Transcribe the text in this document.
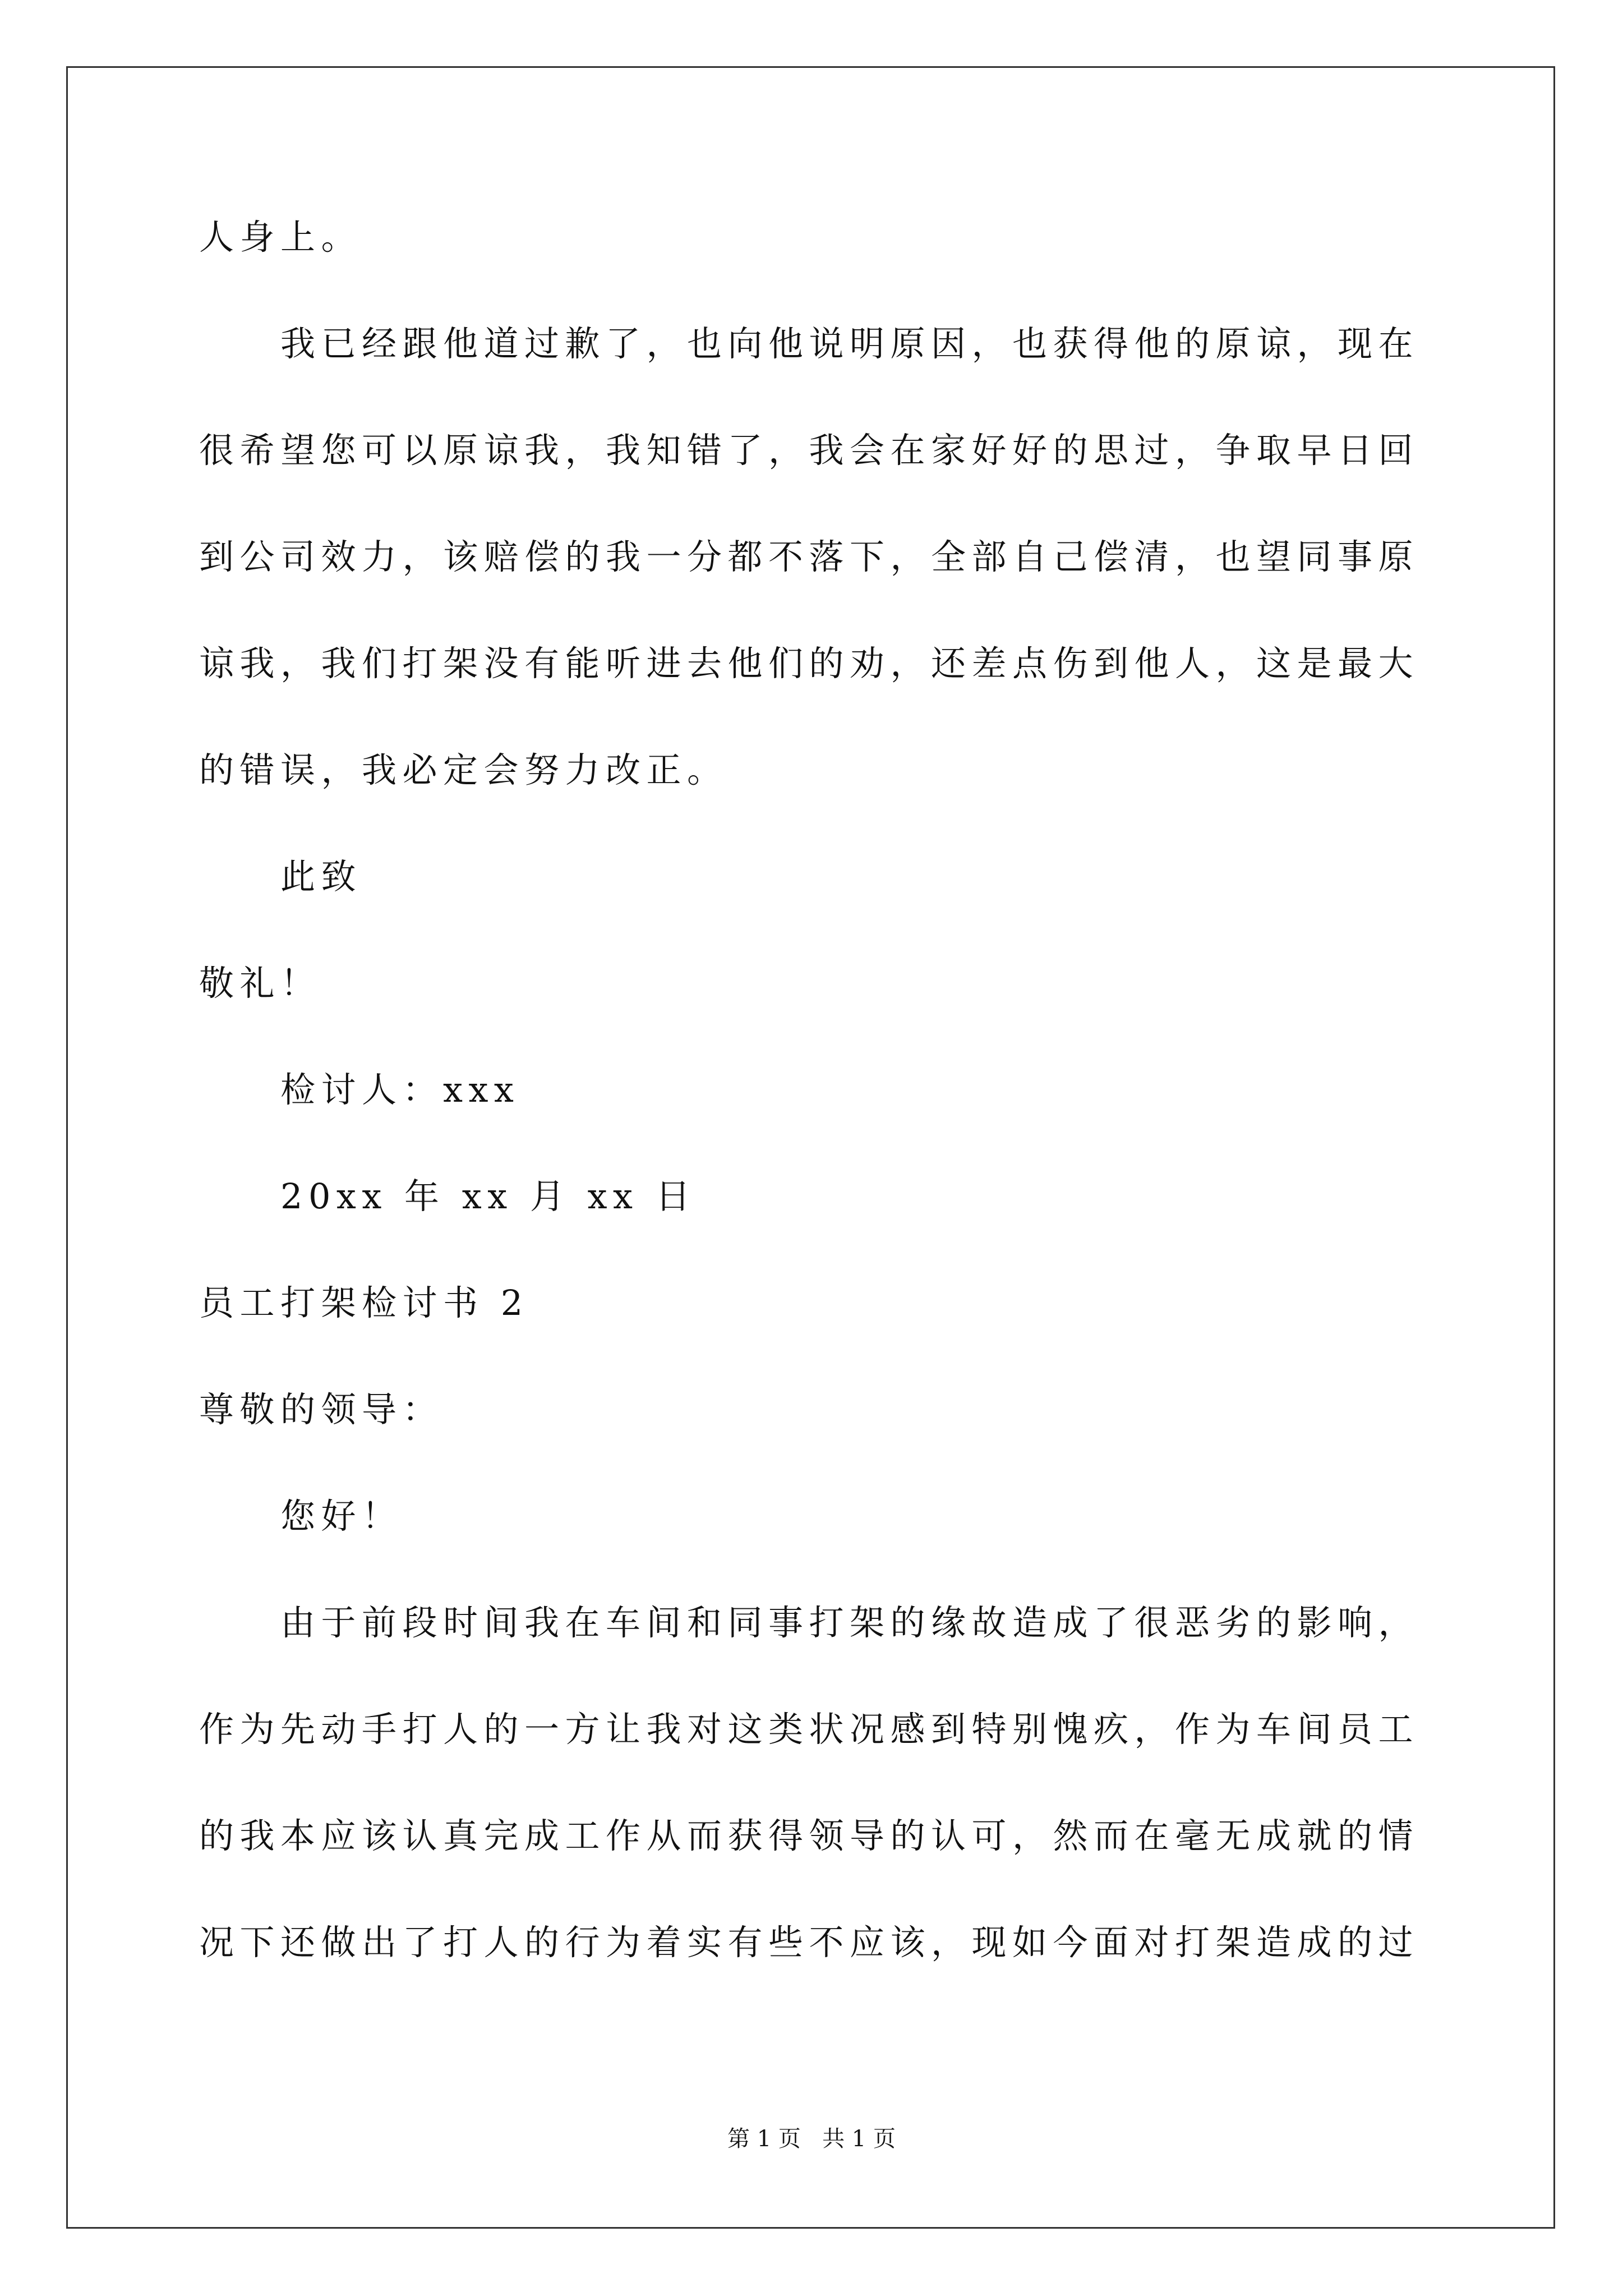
人身上。
我已经跟他道过歉了，也向他说明原因，也获得他的原谅，现在
很希望您可以原谅我，我知错了，我会在家好好的思过，争取早日回
到公司效力，该赔偿的我一分都不落下，全部自己偿清，也望同事原
谅我，我们打架没有能听进去他们的劝，还差点伤到他人，这是最大
的错误，我必定会努力改正。
此致
敬礼！
检讨人：xxx
20xx 年 xx 月 xx 日
员工打架检讨书 2
尊敬的领导：
您好！
由于前段时间我在车间和同事打架的缘故造成了很恶劣的影响，
作为先动手打人的一方让我对这类状况感到特别愧疚，作为车间员工
的我本应该认真完成工作从而获得领导的认可，然而在毫无成就的情
况下还做出了打人的行为着实有些不应该，现如今面对打架造成的过
第 1 页   共 1 页
